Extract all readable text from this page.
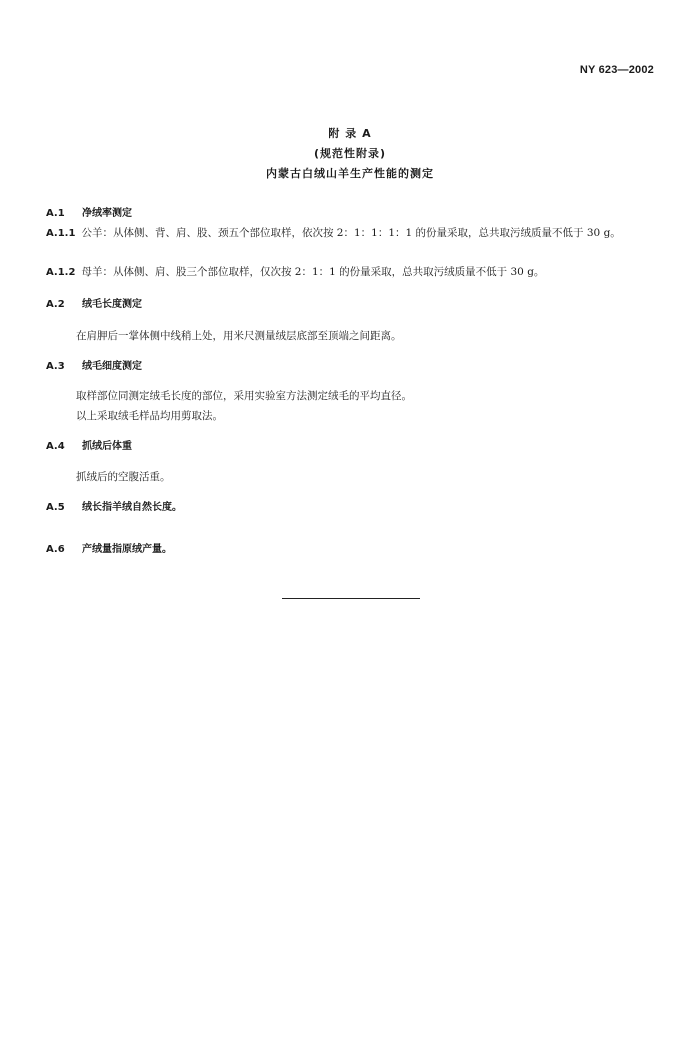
NY 623—2002
附 录 A
(规范性附录)
内蒙古白绒山羊生产性能的测定
A.1 净绒率测定
A.1.1 公羊：从体侧、背、肩、股、颈五个部位取样，依次按 2：1：1：1：1 的份量采取，总共取污绒质量不低于 30 g。
A.1.2 母羊：从体侧、肩、股三个部位取样，仅次按 2：1：1 的份量采取，总共取污绒质量不低于 30 g。
A.2 绒毛长度测定
在肩胛后一掌体侧中线稍上处，用米尺测量绒层底部至顶端之间距离。
A.3 绒毛细度测定
取样部位同测定绒毛长度的部位，采用实验室方法测定绒毛的平均直径。
以上采取绒毛样品均用剪取法。
A.4 抓绒后体重
抓绒后的空腹活重。
A.5 绒长指羊绒自然长度。
A.6 产绒量指原绒产量。
